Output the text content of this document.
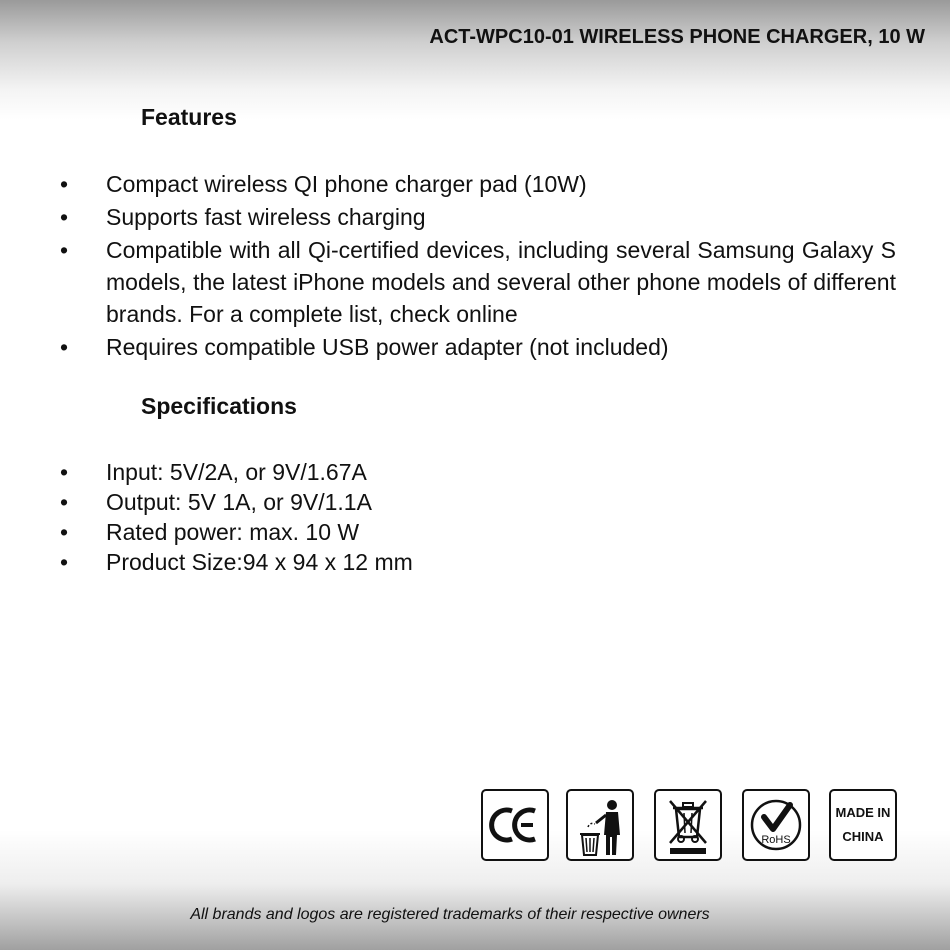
ACT-WPC10-01 WIRELESS PHONE CHARGER, 10 W
Features
•	Compact wireless QI phone charger pad (10W)
•	Supports fast wireless charging
•	Compatible with all Qi-certified devices, including several Samsung Galaxy S models, the latest iPhone models and several other phone models of different brands. For a complete list, check online
•	Requires compatible USB power adapter (not included)
Specifications
•	Input: 5V/2A, or 9V/1.67A
•	Output: 5V 1A, or 9V/1.1A
•	Rated power: max. 10 W
•	Product Size:94 x 94 x 12 mm
RoHS
MADE IN
CHINA
All brands and logos are registered trademarks of their respective owners
